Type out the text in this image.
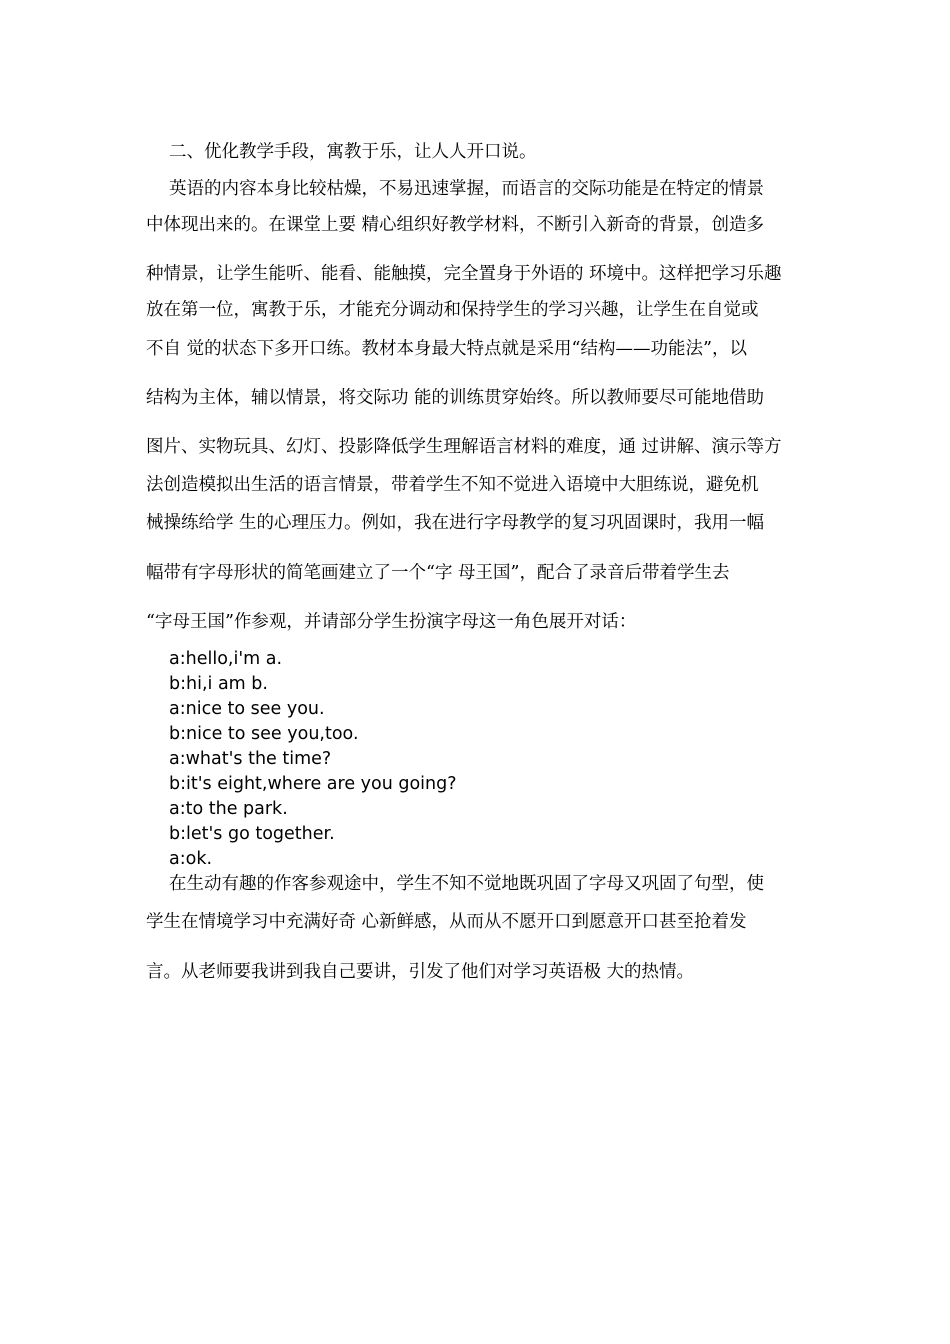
二、优化教学手段，寓教于乐，让人人开口说。
英语的内容本身比较枯燥，不易迅速掌握，而语言的交际功能是在特定的情景
中体现出来的。在课堂上要 精心组织好教学材料，不断引入新奇的背景，创造多
种情景，让学生能听、能看、能触摸，完全置身于外语的 环境中。这样把学习乐趣
放在第一位，寓教于乐，才能充分调动和保持学生的学习兴趣，让学生在自觉或
不自 觉的状态下多开口练。教材本身最大特点就是采用“结构——功能法”，以
结构为主体，辅以情景，将交际功 能的训练贯穿始终。所以教师要尽可能地借助
图片、实物玩具、幻灯、投影降低学生理解语言材料的难度，通 过讲解、演示等方
法创造模拟出生活的语言情景，带着学生不知不觉进入语境中大胆练说，避免机
械操练给学 生的心理压力。例如，我在进行字母教学的复习巩固课时，我用一幅
幅带有字母形状的简笔画建立了一个“字 母王国”，配合了录音后带着学生去
“字母王国”作参观，并请部分学生扮演字母这一角色展开对话：
a:hello,i'm a.
b:hi,i am b.
a:nice to see you.
b:nice to see you,too.
a:what's the time?
b:it's eight,where are you going?
a:to the park.
b:let's go together.
a:ok.
在生动有趣的作客参观途中，学生不知不觉地既巩固了字母又巩固了句型，使
学生在情境学习中充满好奇 心新鲜感，从而从不愿开口到愿意开口甚至抢着发
言。从老师要我讲到我自己要讲，引发了他们对学习英语极 大的热情。
